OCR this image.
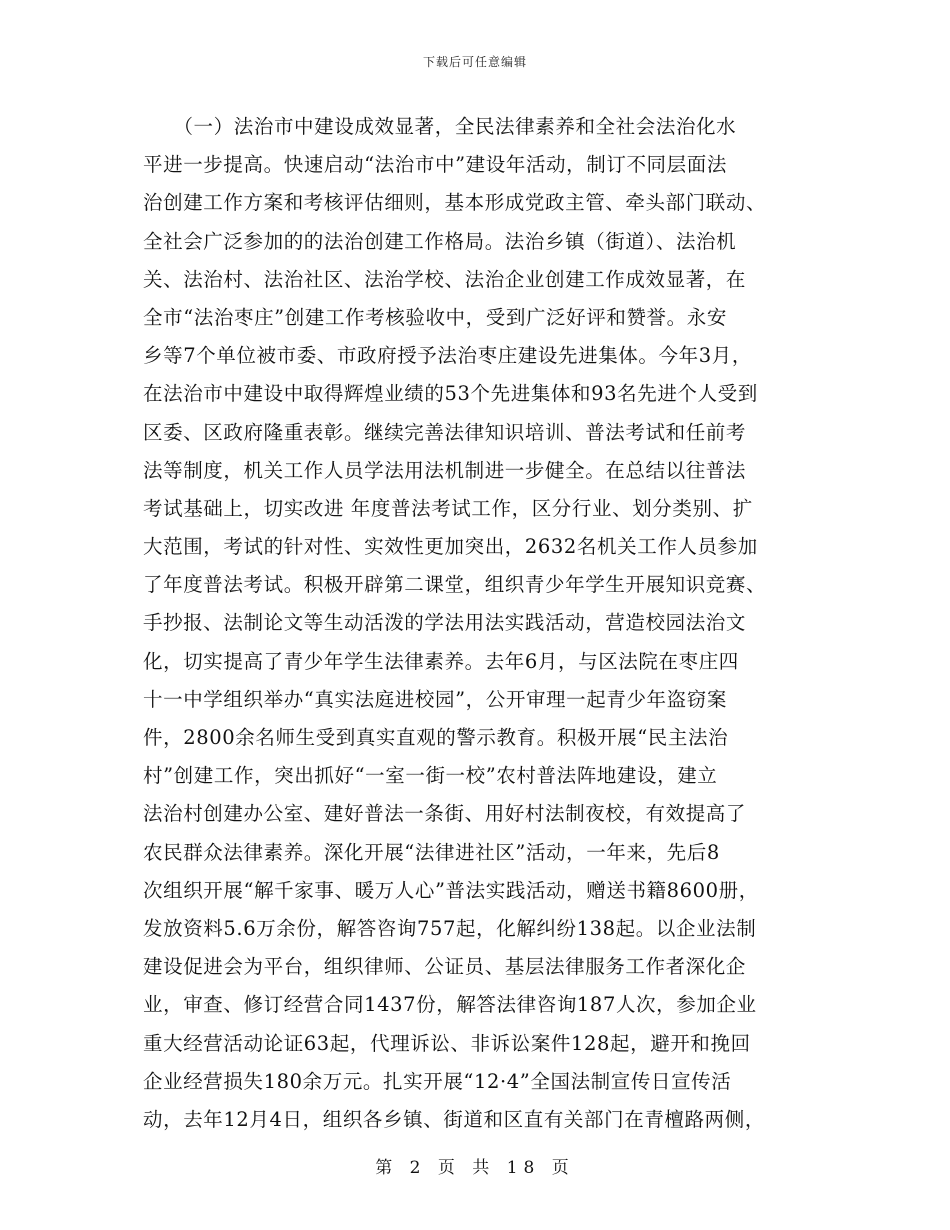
下载后可任意编辑
　　（一）法治市中建设成效显著，全民法律素养和全社会法治化水
平进一步提高。快速启动“法治市中”建设年活动，制订不同层面法
治创建工作方案和考核评估细则，基本形成党政主管、牵头部门联动、
全社会广泛参加的的法治创建工作格局。法治乡镇（街道）、法治机
关、法治村、法治社区、法治学校、法治企业创建工作成效显著，在
全市“法治枣庄”创建工作考核验收中，受到广泛好评和赞誉。永安
乡等7个单位被市委、市政府授予法治枣庄建设先进集体。今年3月，
在法治市中建设中取得辉煌业绩的53个先进集体和93名先进个人受到
区委、区政府隆重表彰。继续完善法律知识培训、普法考试和任前考
法等制度，机关工作人员学法用法机制进一步健全。在总结以往普法
考试基础上，切实改进 年度普法考试工作，区分行业、划分类别、扩
大范围，考试的针对性、实效性更加突出，2632名机关工作人员参加
了年度普法考试。积极开辟第二课堂，组织青少年学生开展知识竞赛、
手抄报、法制论文等生动活泼的学法用法实践活动，营造校园法治文
化，切实提高了青少年学生法律素养。去年6月，与区法院在枣庄四
十一中学组织举办“真实法庭进校园”，公开审理一起青少年盗窃案
件，2800余名师生受到真实直观的警示教育。积极开展“民主法治
村”创建工作，突出抓好“一室一街一校”农村普法阵地建设，建立
法治村创建办公室、建好普法一条街、用好村法制夜校，有效提高了
农民群众法律素养。深化开展“法律进社区”活动，一年来，先后8
次组织开展“解千家事、暖万人心”普法实践活动，赠送书籍8600册，
发放资料5.6万余份，解答咨询757起，化解纠纷138起。以企业法制
建设促进会为平台，组织律师、公证员、基层法律服务工作者深化企
业，审查、修订经营合同1437份，解答法律咨询187人次，参加企业
重大经营活动论证63起，代理诉讼、非诉讼案件128起，避开和挽回
企业经营损失180余万元。扎实开展“12·4”全国法制宣传日宣传活
动，去年12月4日，组织各乡镇、街道和区直有关部门在青檀路两侧，
第 2 页 共 18 页
